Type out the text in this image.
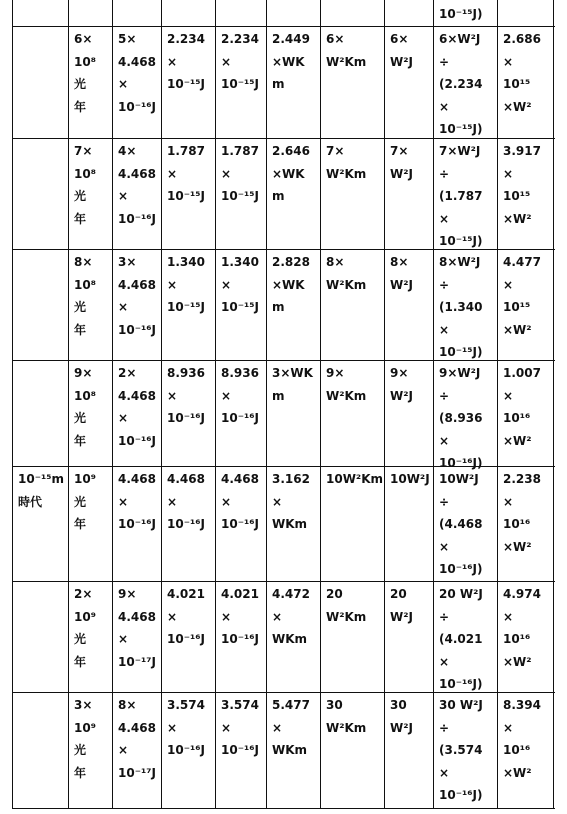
10⁻¹⁵J)
6×
10⁸
光
年
5×
4.468
×
10⁻¹⁶J
2.234
×
10⁻¹⁵J
2.234
×
10⁻¹⁵J
2.449
×WK
m
6×
W²Km
6×
W²J
6×W²J
÷
(2.234
×
10⁻¹⁵J)
2.686
×
10¹⁵
×W²
7×
10⁸
光
年
4×
4.468
×
10⁻¹⁶J
1.787
×
10⁻¹⁵J
1.787
×
10⁻¹⁵J
2.646
×WK
m
7×
W²Km
7×
W²J
7×W²J
÷
(1.787
×
10⁻¹⁵J)
3.917
×
10¹⁵
×W²
8×
10⁸
光
年
3×
4.468
×
10⁻¹⁶J
1.340
×
10⁻¹⁵J
1.340
×
10⁻¹⁵J
2.828
×WK
m
8×
W²Km
8×
W²J
8×W²J
÷
(1.340
×
10⁻¹⁵J)
4.477
×
10¹⁵
×W²
9×
10⁸
光
年
2×
4.468
×
10⁻¹⁶J
8.936
×
10⁻¹⁶J
8.936
×
10⁻¹⁶J
3×WK
m
9×
W²Km
9×
W²J
9×W²J
÷
(8.936
×
10⁻¹⁶J)
1.007
×
10¹⁶
×W²
10⁻¹⁵m
時代
10⁹
光
年
4.468
×
10⁻¹⁶J
4.468
×
10⁻¹⁶J
4.468
×
10⁻¹⁶J
3.162
×
WKm
10W²Km 10W²J 10W²J
÷
(4.468
×
10⁻¹⁶J)
2.238
×
10¹⁶
×W²
2×
10⁹
光
年
9×
4.468
×
10⁻¹⁷J
4.021
×
10⁻¹⁶J
4.021
×
10⁻¹⁶J
4.472
×
WKm
20
W²Km
20
W²J
20 W²J
÷
(4.021
×
10⁻¹⁶J)
4.974
×
10¹⁶
×W²
3×
10⁹
光
年
8×
4.468
×
10⁻¹⁷J
3.574
×
10⁻¹⁶J
3.574
×
10⁻¹⁶J
5.477
×
WKm
30
W²Km
30
W²J
30 W²J
÷
(3.574
×
10⁻¹⁶J)
8.394
×
10¹⁶
×W²
